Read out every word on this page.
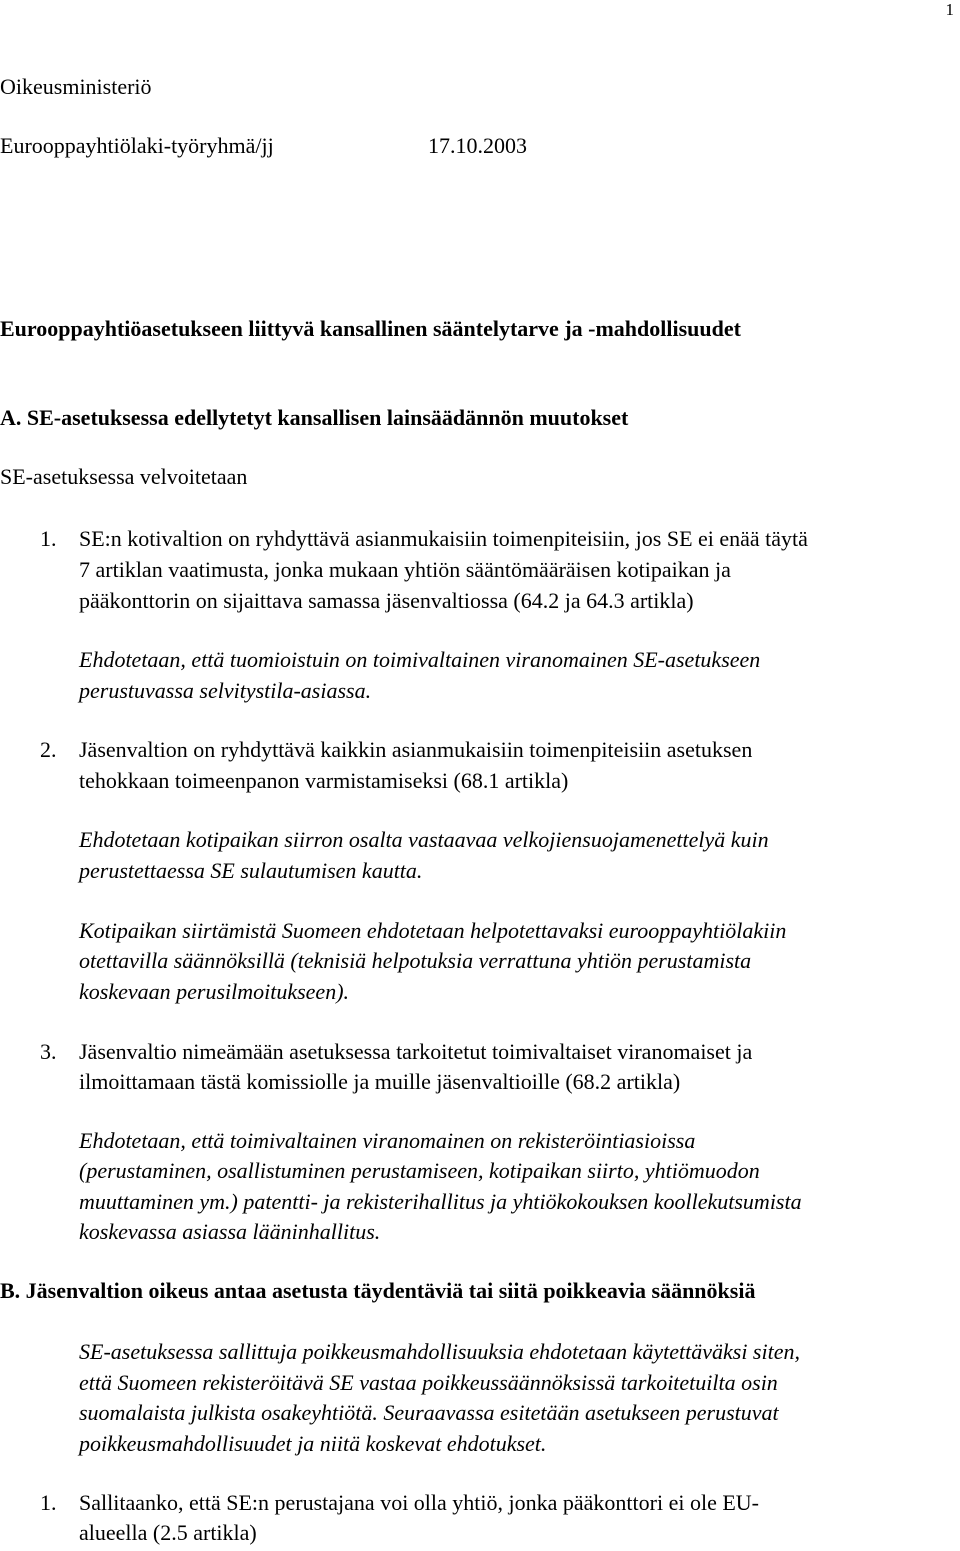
1
Oikeusministeriö
Eurooppayhtiölaki-työryhmä/jj	17.10.2003
Eurooppayhtiöasetukseen liittyvä kansallinen sääntelytarve ja -mahdollisuudet
A. SE-asetuksessa edellytetyt kansallisen lainsäädännön muutokset
SE-asetuksessa velvoitetaan
1. SE:n kotivaltion on ryhdyttävä asianmukaisiin toimenpiteisiin, jos SE ei enää täytä
7 artiklan vaatimusta, jonka mukaan yhtiön sääntömääräisen kotipaikan ja
pääkonttorin on sijaittava samassa jäsenvaltiossa (64.2 ja 64.3 artikla)
Ehdotetaan, että tuomioistuin on toimivaltainen viranomainen SE-asetukseen
perustuvassa selvitystila-asiassa.
2. Jäsenvaltion on ryhdyttävä kaikkin asianmukaisiin toimenpiteisiin asetuksen
tehokkaan toimeenpanon varmistamiseksi (68.1 artikla)
Ehdotetaan kotipaikan siirron osalta vastaavaa velkojiensuojamenettelyä kuin
perustettaessa SE sulautumisen kautta.
Kotipaikan siirtämistä Suomeen ehdotetaan helpotettavaksi eurooppayhtiölakiin
otettavilla säännöksillä (teknisiä helpotuksia verrattuna yhtiön perustamista
koskevaan perusilmoitukseen).
3. Jäsenvaltio nimeämään asetuksessa tarkoitetut toimivaltaiset viranomaiset ja
ilmoittamaan tästä komissiolle ja muille jäsenvaltioille (68.2 artikla)
Ehdotetaan, että toimivaltainen viranomainen on rekisteröintiasioissa
(perustaminen, osallistuminen perustamiseen, kotipaikan siirto, yhtiömuodon
muuttaminen ym.) patentti- ja rekisterihallitus ja yhtiökokouksen koollekutsumista
koskevassa asiassa lääninhallitus.
B. Jäsenvaltion oikeus antaa asetusta täydentäviä tai siitä poikkeavia säännöksiä
SE-asetuksessa sallittuja poikkeusmahdollisuuksia ehdotetaan käytettäväksi siten,
että Suomeen rekisteröitävä SE vastaa poikkeussäännöksissä tarkoitetuilta osin
suomalaista julkista osakeyhtiötä. Seuraavassa esitetään asetukseen perustuvat
poikkeusmahdollisuudet ja niitä koskevat ehdotukset.
1. Sallitaanko, että SE:n perustajana voi olla yhtiö, jonka pääkonttori ei ole EU-
alueella (2.5 artikla)
